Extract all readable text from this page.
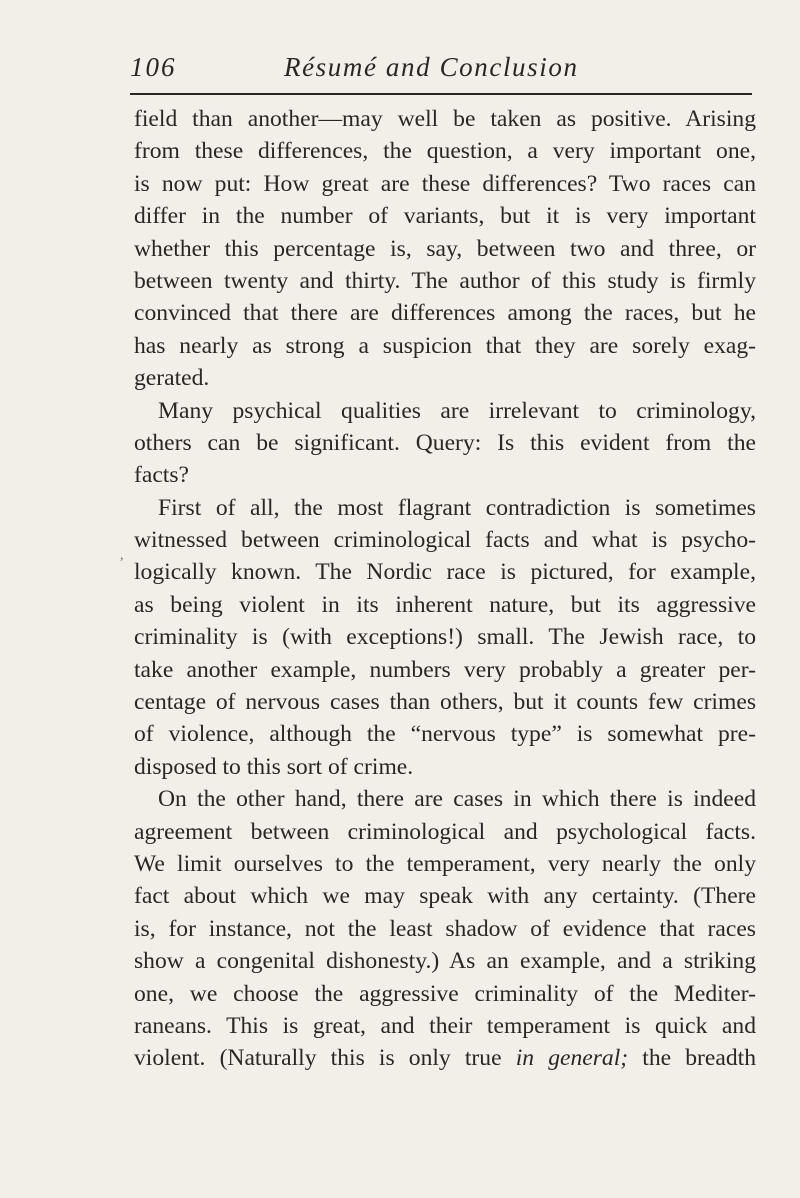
106	Résumé and Conclusion
,
field than another—may well be taken as positive. Arising
from these differences, the question, a very important one,
is now put: How great are these differences? Two races can
differ in the number of variants, but it is very important
whether this percentage is, say, between two and three, or
between twenty and thirty. The author of this study is firmly
convinced that there are differences among the races, but he
has nearly as strong a suspicion that they are sorely exag-
gerated.
Many psychical qualities are irrelevant to criminology,
others can be significant. Query: Is this evident from the
facts?
First of all, the most flagrant contradiction is sometimes
witnessed between criminological facts and what is psycho-
logically known. The Nordic race is pictured, for example,
as being violent in its inherent nature, but its aggressive
criminality is (with exceptions!) small. The Jewish race, to
take another example, numbers very probably a greater per-
centage of nervous cases than others, but it counts few crimes
of violence, although the “nervous type” is somewhat pre-
disposed to this sort of crime.
On the other hand, there are cases in which there is indeed
agreement between criminological and psychological facts.
We limit ourselves to the temperament, very nearly the only
fact about which we may speak with any certainty. (There
is, for instance, not the least shadow of evidence that races
show a congenital dishonesty.) As an example, and a striking
one, we choose the aggressive criminality of the Mediter-
raneans. This is great, and their temperament is quick and
violent. (Naturally this is only true in general; the breadth
